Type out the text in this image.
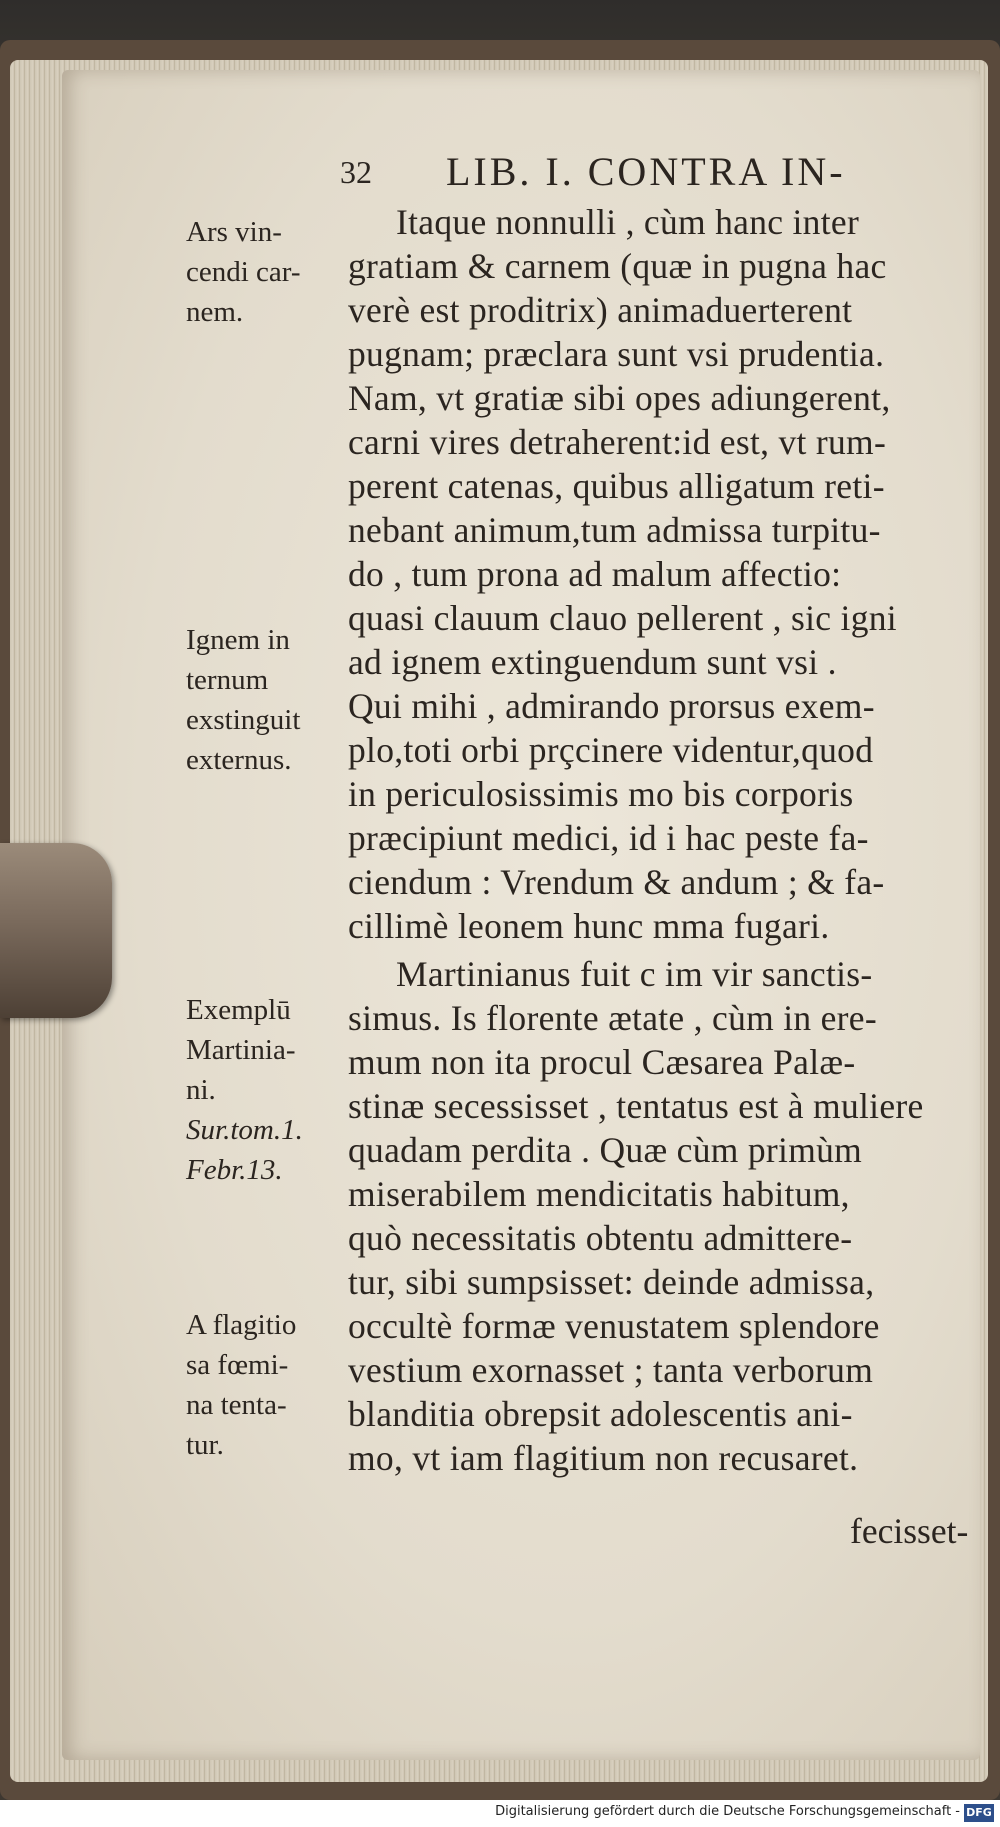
32 LIB. I. CONTRA IN-
Itaque nonnulli , cùm hanc inter
gratiam & carnem (quæ in pugna hac
verè est proditrix) animaduerterent
pugnam; præclara sunt vsi prudentia.
Nam, vt gratiæ sibi opes adiungerent,
carni vires detraherent:id est, vt rum-
perent catenas, quibus alligatum reti-
nebant animum,tum admissa turpitu-
do , tum prona ad malum affectio:
quasi clauum clauo pellerent , sic igni
ad ignem extinguendum sunt vsi .
Qui mihi , admirando prorsus exem-
plo,toti orbi prçcinere videntur,quod
in periculosissimis mo bis corporis
præcipiunt medici, id i hac peste fa-
ciendum : Vrendum & andum ; & fa-
cillimè leonem hunc mma fugari.
Martinianus fuit c im vir sanctis-
simus. Is florente ætate , cùm in ere-
mum non ita procul Cæsarea Palæ-
stinæ secessisset , tentatus est à muliere
quadam perdita . Quæ cùm primùm
miserabilem mendicitatis habitum,
quò necessitatis obtentu admittere-
tur, sibi sumpsisset: deinde admissa,
occultè formæ venustatem splendore
vestium exornasset ; tanta verborum
blanditia obrepsit adolescentis ani-
mo, vt iam flagitium non recusaret.
fecisset-
Ars vin-
cendi car-
nem.
Ignem in
ternum
exstinguit
externus.
Exemplū
Martinia-
ni.
Sur.tom.1.
Febr.13.
A flagitio
sa fœmi-
na tenta-
tur.
Digitalisierung gefördert durch die Deutsche Forschungsgemeinschaft - DFG
